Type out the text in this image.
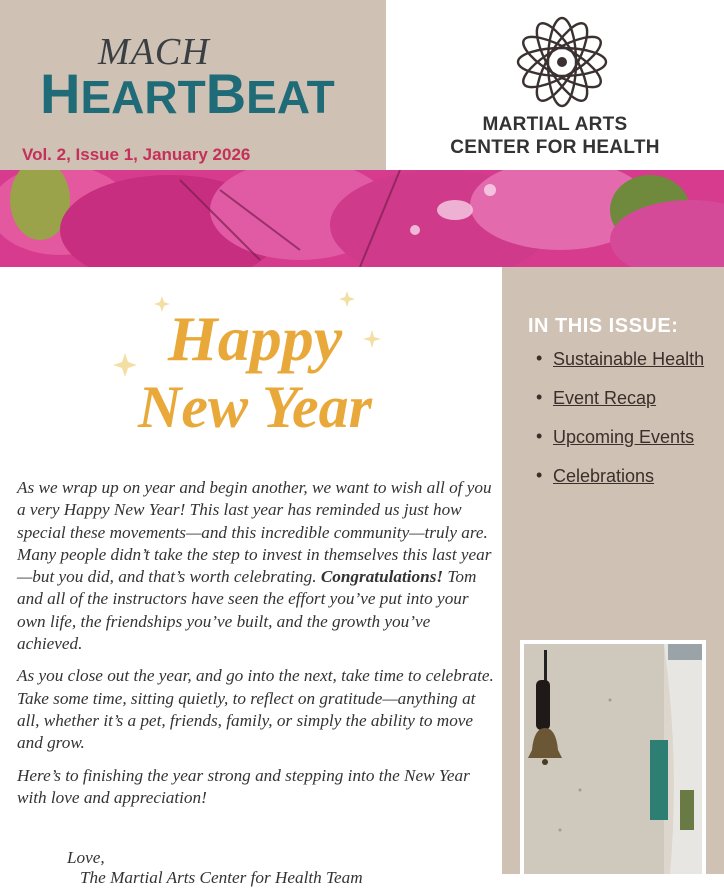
MACH
HEARTBEAT
Vol. 2, Issue 1, January 2026
MARTIAL ARTS
CENTER FOR HEALTH
Happy
New Year

As we wrap up on year and begin another, we want to wish all of you a very Happy New Year! This last year has reminded us just how special these movements—and this incredible community—truly are. Many people didn’t take the step to invest in themselves this last year—but you did, and that’s worth celebrating. Congratulations! Tom and all of the instructors have seen the effort you’ve put into your own life, the friendships you’ve built, and the growth you’ve achieved.

As you close out the year, and go into the next, take time to celebrate. Take some time, sitting quietly, to reflect on gratitude—anything at all, whether it’s a pet, friends, family, or simply the ability to move and grow.

Here’s to finishing the year strong and stepping into the New Year with love and appreciation!

Love,
The Martial Arts Center for Health Team
IN THIS ISSUE:
• Sustainable Health
• Event Recap
• Upcoming Events
• Celebrations
